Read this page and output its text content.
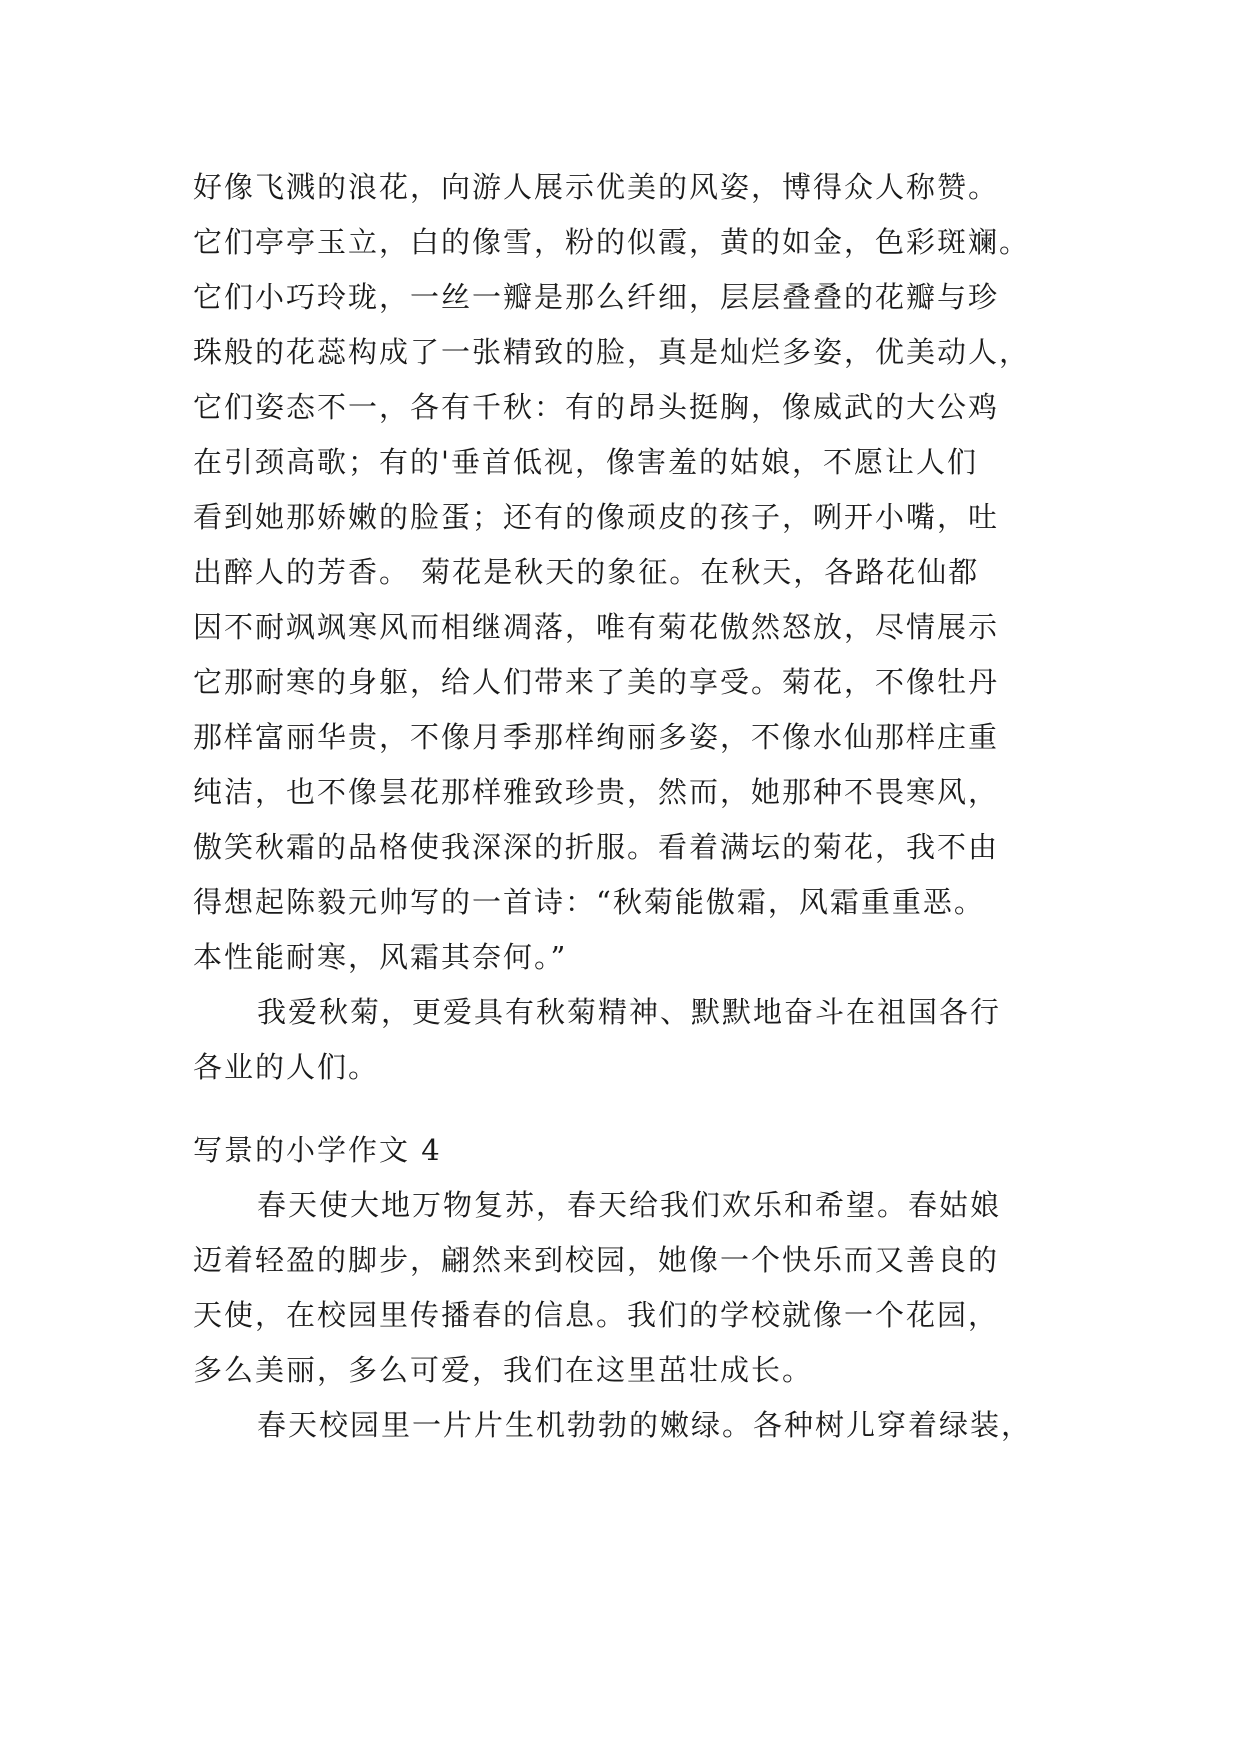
好像飞溅的浪花，向游人展示优美的风姿，博得众人称赞。
它们亭亭玉立，白的像雪，粉的似霞，黄的如金，色彩斑斓。
它们小巧玲珑，一丝一瓣是那么纤细，层层叠叠的花瓣与珍
珠般的花蕊构成了一张精致的脸，真是灿烂多姿，优美动人，
它们姿态不一，各有千秋：有的昂头挺胸，像威武的大公鸡
在引颈高歌；有的'垂首低视，像害羞的姑娘，不愿让人们
看到她那娇嫩的脸蛋；还有的像顽皮的孩子，咧开小嘴，吐
出醉人的芳香。 菊花是秋天的象征。在秋天，各路花仙都
因不耐飒飒寒风而相继凋落，唯有菊花傲然怒放，尽情展示
它那耐寒的身躯，给人们带来了美的享受。菊花，不像牡丹
那样富丽华贵，不像月季那样绚丽多姿，不像水仙那样庄重
纯洁，也不像昙花那样雅致珍贵，然而，她那种不畏寒风，
傲笑秋霜的品格使我深深的折服。看着满坛的菊花，我不由
得想起陈毅元帅写的一首诗：“秋菊能傲霜，风霜重重恶。
本性能耐寒，风霜其奈何。”
我爱秋菊，更爱具有秋菊精神、默默地奋斗在祖国各行
各业的人们。
写景的小学作文 4
春天使大地万物复苏，春天给我们欢乐和希望。春姑娘
迈着轻盈的脚步，翩然来到校园，她像一个快乐而又善良的
天使，在校园里传播春的信息。我们的学校就像一个花园，
多么美丽，多么可爱，我们在这里茁壮成长。
春天校园里一片片生机勃勃的嫩绿。各种树儿穿着绿装，
